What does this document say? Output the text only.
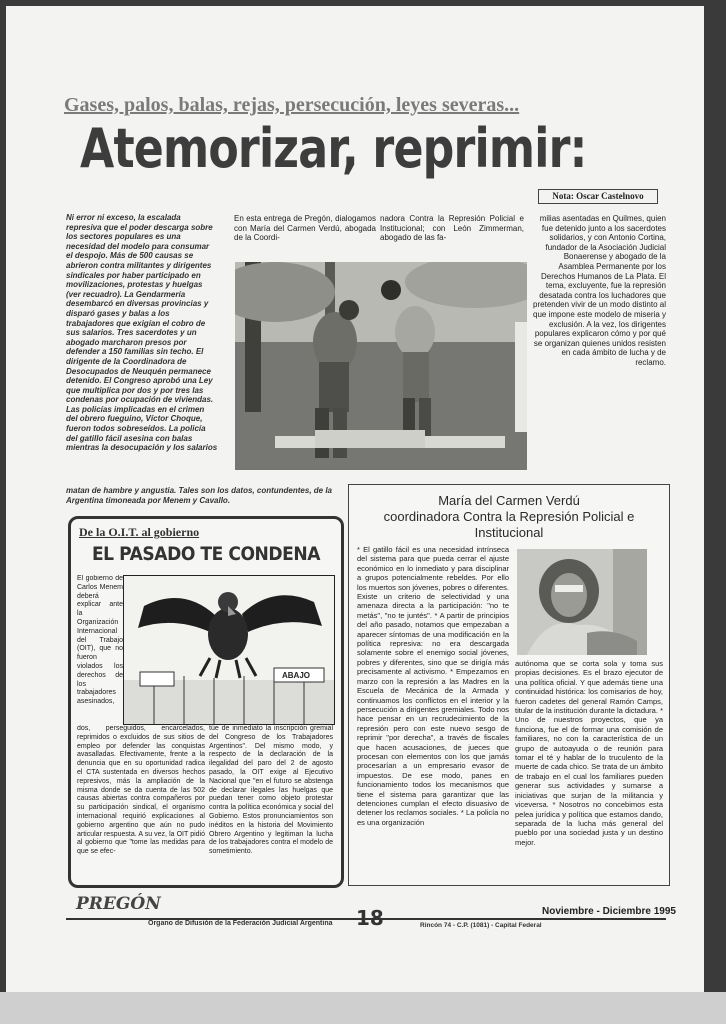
Gases, palos, balas, rejas, persecución, leyes severas...
Atemorizar, reprimir:
Nota: Oscar Castelnovo
Ni error ni exceso, la escalada represiva que el poder descarga sobre los sectores populares es una necesidad del modelo para consumar el despojo. Más de 500 causas se abrieron contra militantes y dirigentes sindicales por haber participado en movilizaciones, protestas y huelgas (ver recuadro). La Gendarmería desembarcó en diversas provincias y disparó gases y balas a los trabajadores que exigían el cobro de sus salarios. Tres sacerdotes y un abogado marcharon presos por defender a 150 familias sin techo. El dirigente de la Coordinadora de Desocupados de Neuquén permanece detenido. El Congreso aprobó una Ley que multiplica por dos y por tres las condenas por ocupación de viviendas. Las policías implicadas en el crimen del obrero fueguino, Víctor Choque, fueron todos sobreseídos. La policía del gatillo fácil asesina con balas mientras la desocupación y los salarios
En esta entrega de Pregón, dialogamos con María del Carmen Verdú, abogada de la Coordi-
nadora Contra la Represión Policial e Institucional; con León Zimmerman, abogado de las fa-
milias asentadas en Quilmes, quien fue detenido junto a los sacerdotes solidarios, y con Antonio Cortina, fundador de la Asociación Judicial Bonaerense y abogado de la Asamblea Permanente por los Derechos Humanos de La Plata. El tema, excluyente, fue la represión desatada contra los luchadores que pretenden vivir de un modo distinto al que impone este modelo de miseria y exclusión. A la vez, los dirigentes populares explicaron cómo y por qué se organizan quienes unidos resisten en cada ámbito de lucha y de reclamo.
matan de hambre y angustia. Tales son los datos, contundentes, de la Argentina timoneada por Menem y Cavallo.	María del Carmen Verdú
coordinadora Contra la Represión Policial e
Institucional
* El gatillo fácil es una necesidad intrínseca del sistema para que pueda cerrar el ajuste económico en lo inmediato y para disciplinar a grupos potencialmente rebeldes. Por ello los muertos son jóvenes, pobres o diferentes. Existe un criterio de selectividad y una amenaza directa a la participación: "no te metás", "no te juntés". * A partir de principios del año pasado, notamos que empezaban a aparecer síntomas de una modificación en la política represiva: no era descargada solamente sobre el enemigo social jóvenes, pobres y diferentes, sino que se dirigía más precisamente al activismo. * Empezamos en marzo con la represión a las Madres en la Escuela de Mecánica de la Armada y continuamos los conflictos en el interior y la persecución a dirigentes gremiales. Todo nos hace pensar en un recrudecimiento de la represión pero con este nuevo sesgo de reprimir "por derecha", a través de fiscales que hacen acusaciones, de jueces que procesan con elementos con los que jamás procesarían a un empresario evasor de impuestos. De ese modo, panes en funcionamiento todos los mecanismos que tiene el sistema para garantizar que las detenciones cumplan el efecto disuasivo de detener los reclamos sociales. * La policía no es una organización
autónoma que se corta sola y toma sus propias decisiones. Es el brazo ejecutor de una política oficial. Y que además tiene una continuidad histórica: los comisarios de hoy, fueron cadetes del general Ramón Camps, titular de la institución durante la dictadura. * Uno de nuestros proyectos, que ya funciona, fue el de formar una comisión de familiares, no con la característica de un grupo de autoayuda o de reunión para tomar el té y hablar de lo truculento de la muerte de cada chico. Se trata de un ámbito de trabajo en el cual los familiares pueden generar sus actividades y sumarse a iniciativas que surjan de la militancia y viceversa. * Nosotros no concebimos esta pelea jurídica y política que estamos dando, separada de la lucha más general del pueblo por una sociedad justa y un destino mejor.
De la O.I.T. al gobierno
EL PASADO TE CONDENA
El gobierno de Carlos Menem deberá explicar ante la Organización Internacional del Trabajo (OIT), que no fueron violados los derechos de los trabajadores asesinados,
ABAJO
dos, perseguidos, encarcelados, reprimidos o excluidos de sus sitios de empleo por defender las conquistas avasalladas. Efectivamente, frente a la denuncia que en su oportunidad radica el CTA sustentada en diversos hechos represivos, más la ampliación de la misma donde se da cuenta de las 502 causas abiertas contra compañeros por su participación sindical, el organismo internacional requirió explicaciones al gobierno argentino que aún no pudo articular respuesta. A su vez, la OIT pidió al gobierno que "tome las medidas para que se efec-
túe de inmediato la inscripción gremial del Congreso de los Trabajadores Argentinos". Del mismo modo, y respecto de la declaración de la ilegalidad del paro del 2 de agosto pasado, la OIT exige al Ejecutivo Nacional que "en el futuro se abstenga de declarar ilegales las huelgas que puedan tener como objeto protestar contra la política económica y social del Gobierno. Estos pronunciamientos son inéditos en la historia del Movimiento Obrero Argentino y legitiman la lucha de los trabajadores contra el modelo de sometimiento.
PREGÓN
Organo de Difusión de la Federación Judicial Argentina 18	Rincón 74 - C.P. (1081) - Capital Federal
Noviembre - Diciembre 1995
